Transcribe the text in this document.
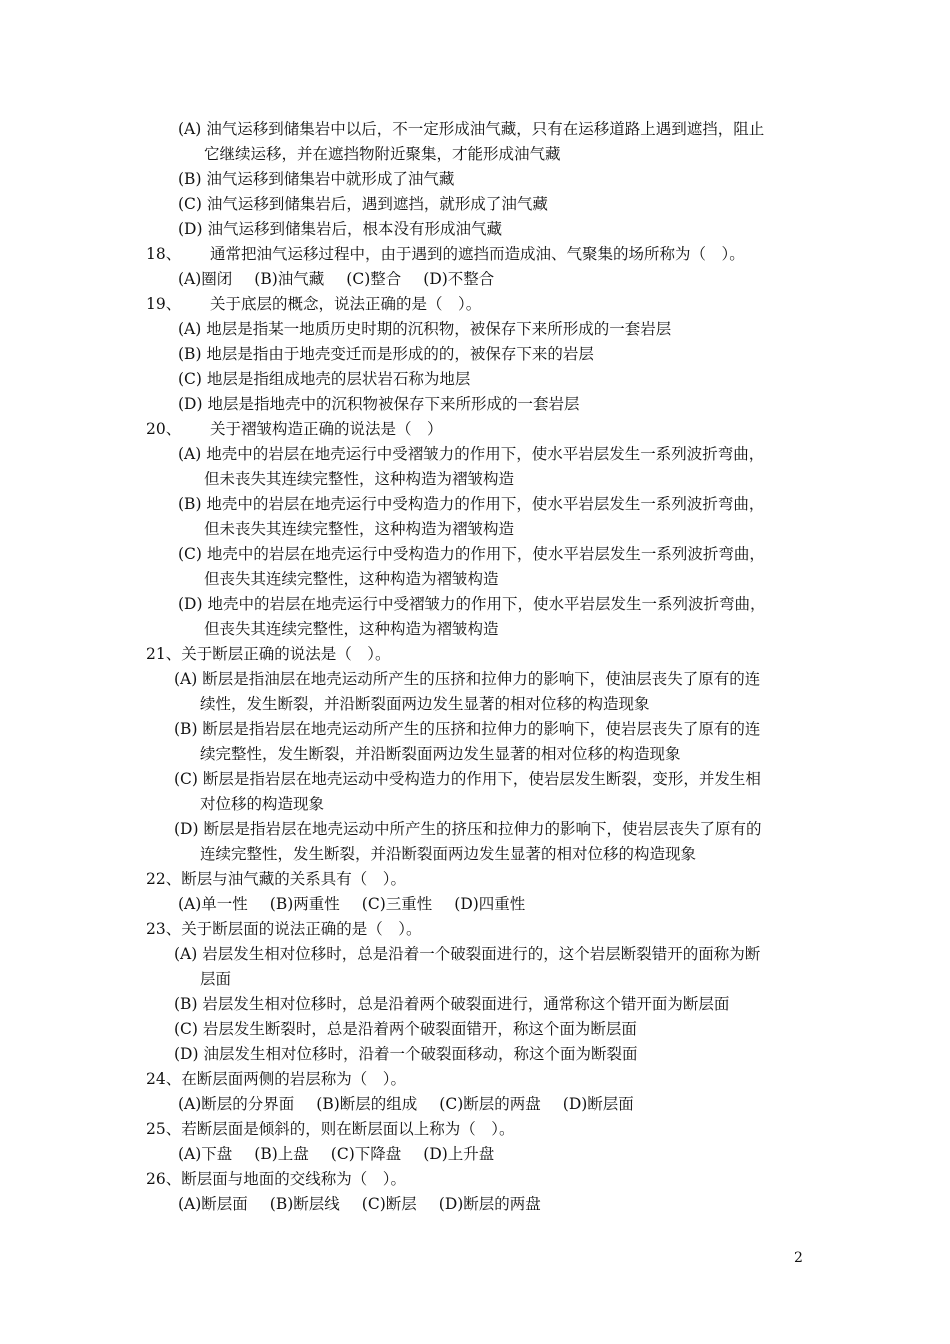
(A) 油气运移到储集岩中以后，不一定形成油气藏，只有在运移道路上遇到遮挡，阻止
它继续运移，并在遮挡物附近聚集，才能形成油气藏
(B) 油气运移到储集岩中就形成了油气藏
(C) 油气运移到储集岩后，遇到遮挡，就形成了油气藏
(D) 油气运移到储集岩后，根本没有形成油气藏
18、 通常把油气运移过程中，由于遇到的遮挡而造成油、气聚集的场所称为（　）。
(A)圈闭 (B)油气藏 (C)整合 (D)不整合
19、 关于底层的概念，说法正确的是（　）。
(A) 地层是指某一地质历史时期的沉积物，被保存下来所形成的一套岩层
(B) 地层是指由于地壳变迁而是形成的的，被保存下来的岩层
(C) 地层是指组成地壳的层状岩石称为地层
(D) 地层是指地壳中的沉积物被保存下来所形成的一套岩层
20、 关于褶皱构造正确的说法是（　）
(A) 地壳中的岩层在地壳运行中受褶皱力的作用下，使水平岩层发生一系列波折弯曲，
但未丧失其连续完整性，这种构造为褶皱构造
(B) 地壳中的岩层在地壳运行中受构造力的作用下，使水平岩层发生一系列波折弯曲，
但未丧失其连续完整性，这种构造为褶皱构造
(C) 地壳中的岩层在地壳运行中受构造力的作用下，使水平岩层发生一系列波折弯曲，
但丧失其连续完整性，这种构造为褶皱构造
(D) 地壳中的岩层在地壳运行中受褶皱力的作用下，使水平岩层发生一系列波折弯曲，
但丧失其连续完整性，这种构造为褶皱构造
21、关于断层正确的说法是（　）。
(A) 断层是指油层在地壳运动所产生的压挤和拉伸力的影响下，使油层丧失了原有的连
续性，发生断裂，并沿断裂面两边发生显著的相对位移的构造现象
(B) 断层是指岩层在地壳运动所产生的压挤和拉伸力的影响下，使岩层丧失了原有的连
续完整性，发生断裂，并沿断裂面两边发生显著的相对位移的构造现象
(C) 断层是指岩层在地壳运动中受构造力的作用下，使岩层发生断裂，变形，并发生相
对位移的构造现象
(D) 断层是指岩层在地壳运动中所产生的挤压和拉伸力的影响下，使岩层丧失了原有的
连续完整性，发生断裂，并沿断裂面两边发生显著的相对位移的构造现象
22、断层与油气藏的关系具有（　）。
(A)单一性 (B)两重性 (C)三重性 (D)四重性
23、关于断层面的说法正确的是（　）。
(A) 岩层发生相对位移时，总是沿着一个破裂面进行的，这个岩层断裂错开的面称为断
层面
(B) 岩层发生相对位移时，总是沿着两个破裂面进行，通常称这个错开面为断层面
(C) 岩层发生断裂时，总是沿着两个破裂面错开，称这个面为断层面
(D) 油层发生相对位移时，沿着一个破裂面移动，称这个面为断裂面
24、在断层面两侧的岩层称为（　）。
(A)断层的分界面 (B)断层的组成 (C)断层的两盘 (D)断层面
25、若断层面是倾斜的，则在断层面以上称为（　）。
(A)下盘 (B)上盘 (C)下降盘 (D)上升盘
26、断层面与地面的交线称为（　）。
(A)断层面 (B)断层线 (C)断层 (D)断层的两盘
2
